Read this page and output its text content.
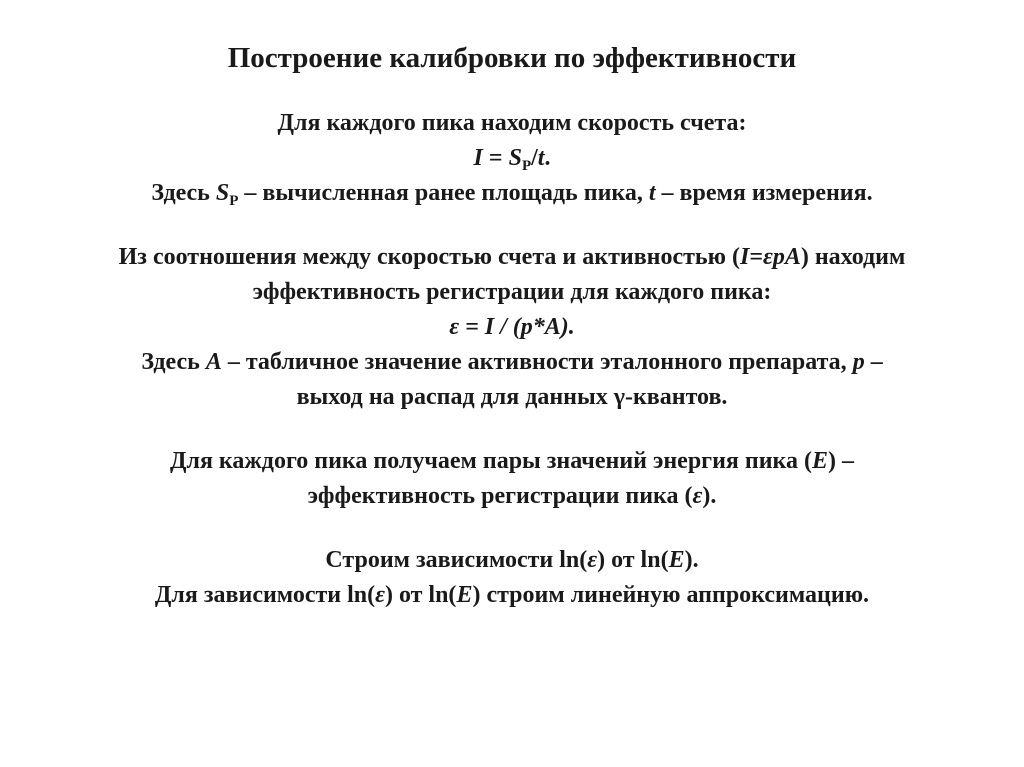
Построение калибровки по эффективности
Для каждого пика находим скорость счета:
$I = S_P/t$.
Здесь $S_P$ – вычисленная ранее площадь пика, t – время измерения.
Из соотношения между скоростью счета и активностью (I=εpA) находим
эффективность регистрации для каждого пика:
ε = I / (p*A).
Здесь A – табличное значение активности эталонного препарата, p –
выход на распад для данных γ-квантов.
Для каждого пика получаем пары значений энергия пика (E) –
эффективность регистрации пика (ε).
Строим зависимости ln(ε) от ln(E).
Для зависимости ln(ε) от ln(E) строим линейную аппроксимацию.
